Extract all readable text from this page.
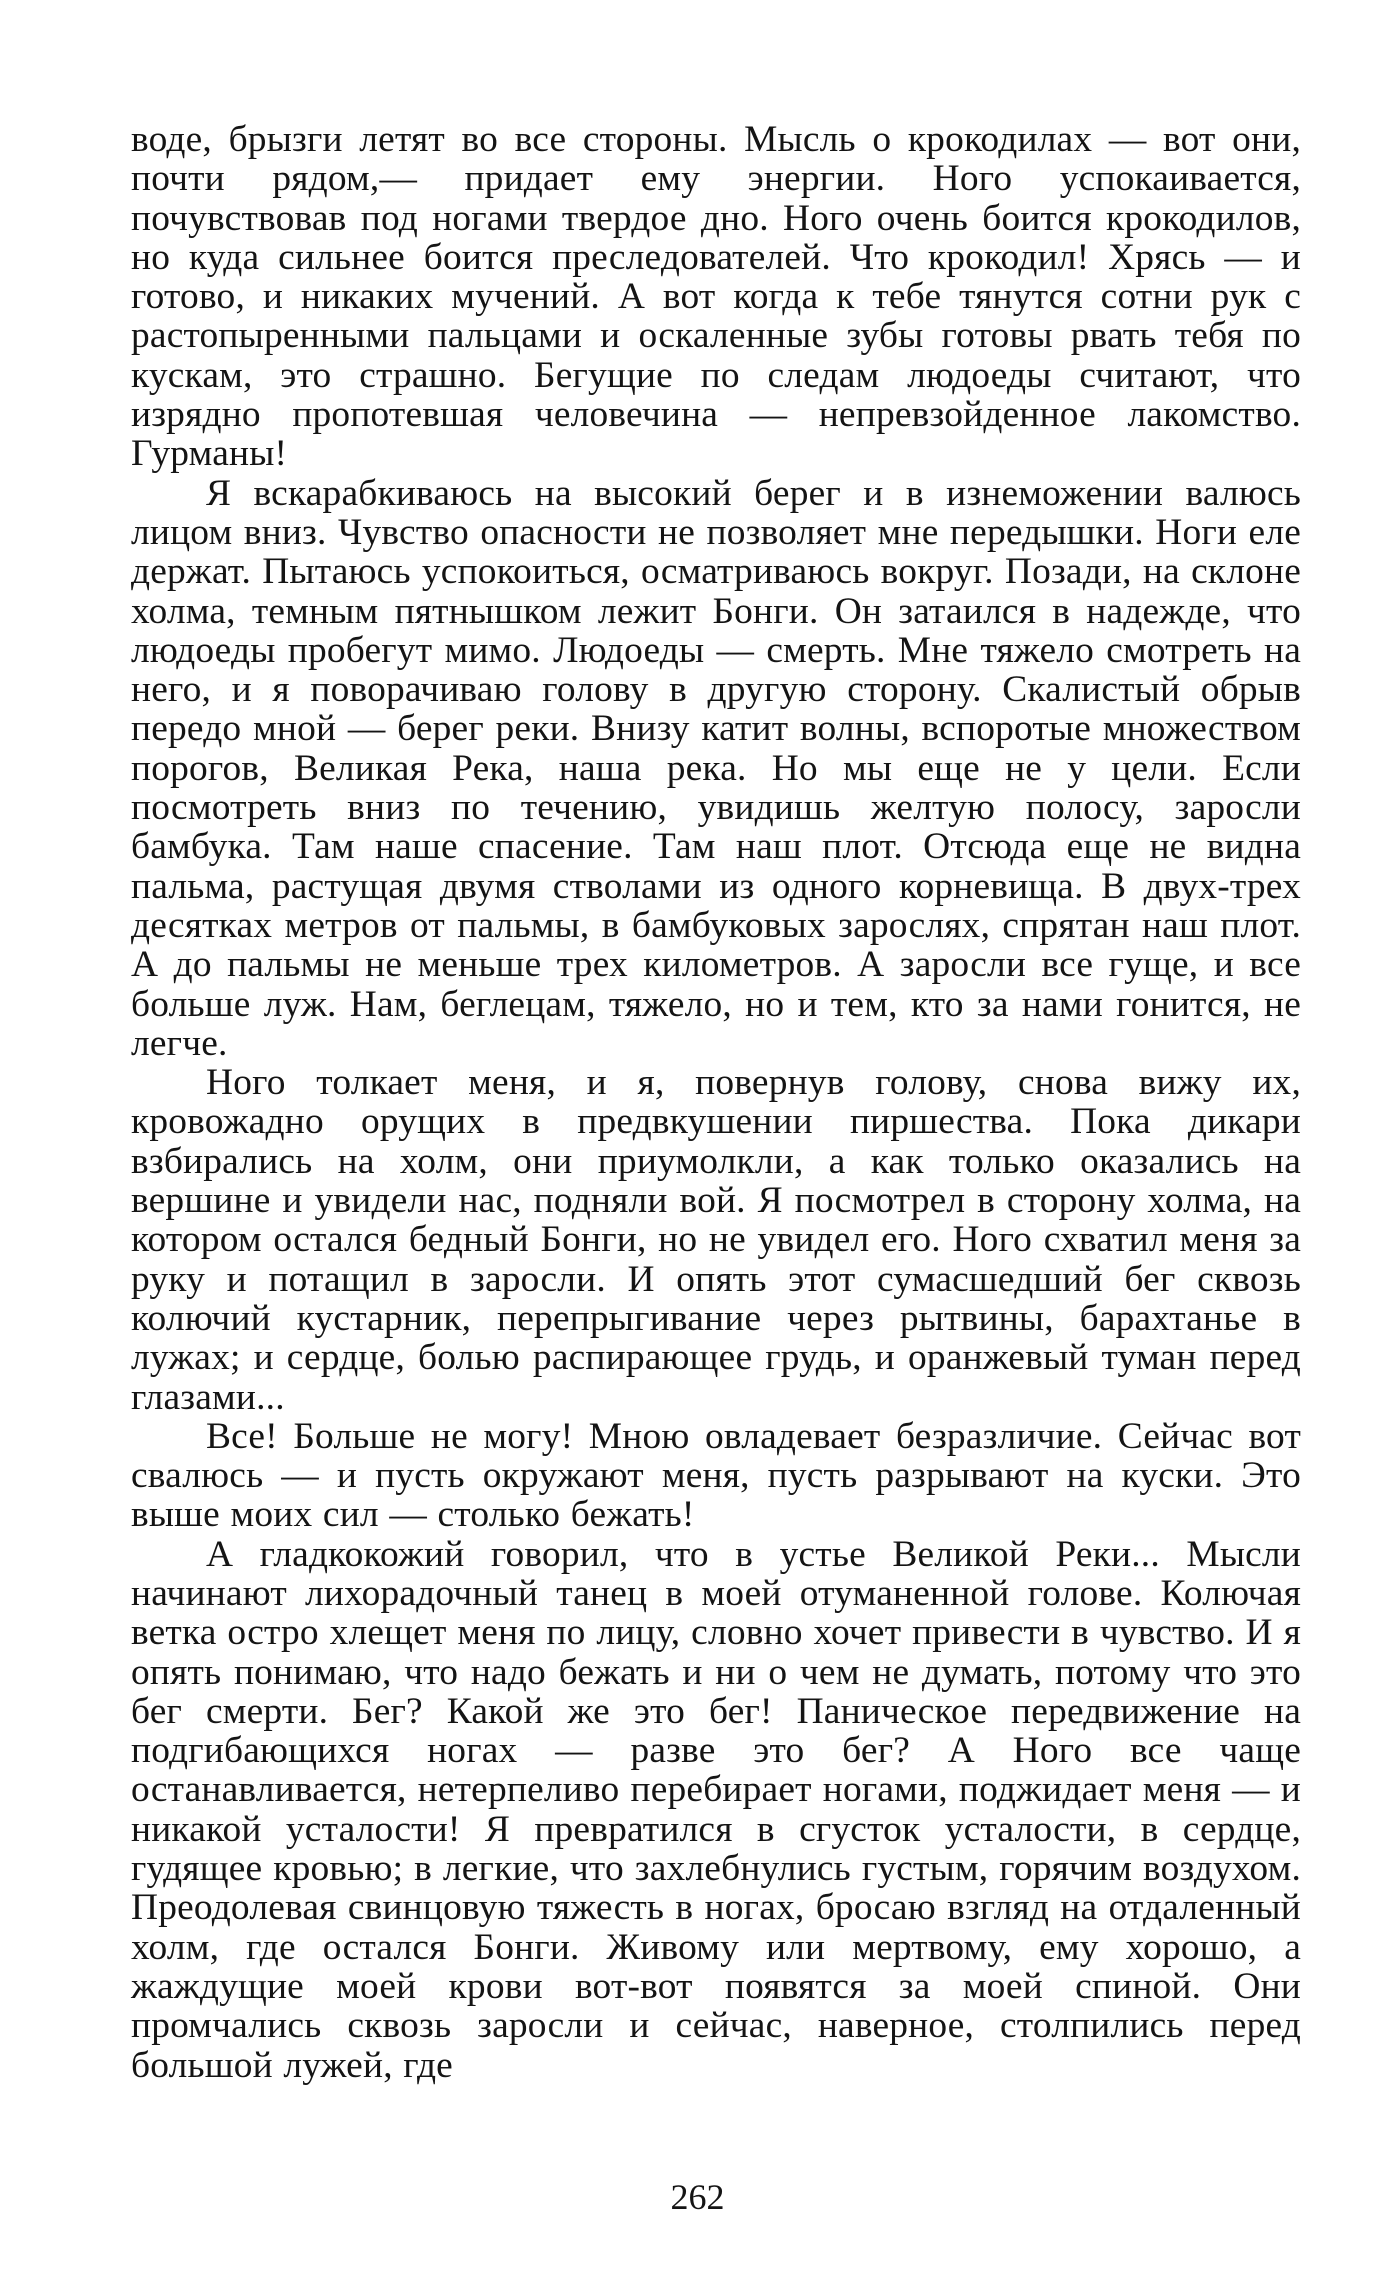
воде, брызги летят во все стороны. Мысль о крокодилах — вот они, почти рядом,— придает ему энергии. Ного успокаивается, почувствовав под ногами твердое дно. Ного очень боится крокодилов, но куда сильнее боится преследователей. Что крокодил! Хрясь — и готово, и никаких мучений. А вот когда к тебе тянутся сотни рук с растопыренными пальцами и оскаленные зубы готовы рвать тебя по кускам, это страшно. Бегущие по следам людоеды считают, что изрядно пропотевшая человечина — непревзойденное лакомство. Гурманы!

Я вскарабкиваюсь на высокий берег и в изнеможении валюсь лицом вниз. Чувство опасности не позволяет мне передышки. Ноги еле держат. Пытаюсь успокоиться, осматриваюсь вокруг. Позади, на склоне холма, темным пятнышком лежит Бонги. Он затаился в надежде, что людоеды пробегут мимо. Людоеды — смерть. Мне тяжело смотреть на него, и я поворачиваю голову в другую сторону. Скалистый обрыв передо мной — берег реки. Внизу катит волны, вспоротые множеством порогов, Великая Река, наша река. Но мы еще не у цели. Если посмотреть вниз по течению, увидишь желтую полосу, заросли бамбука. Там наше спасение. Там наш плот. Отсюда еще не видна пальма, растущая двумя стволами из одного корневища. В двух-трех десятках метров от пальмы, в бамбуковых зарослях, спрятан наш плот. А до пальмы не меньше трех километров. А заросли все гуще, и все больше луж. Нам, беглецам, тяжело, но и тем, кто за нами гонится, не легче.

Ного толкает меня, и я, повернув голову, снова вижу их, кровожадно орущих в предвкушении пиршества. Пока дикари взбирались на холм, они приумолкли, а как только оказались на вершине и увидели нас, подняли вой. Я посмотрел в сторону холма, на котором остался бедный Бонги, но не увидел его. Ного схватил меня за руку и потащил в заросли. И опять этот сумасшедший бег сквозь колючий кустарник, перепрыгивание через рытвины, барахтанье в лужах; и сердце, болью распирающее грудь, и оранжевый туман перед глазами...

Все! Больше не могу! Мною овладевает безразличие. Сейчас вот свалюсь — и пусть окружают меня, пусть разрывают на куски. Это выше моих сил — столько бежать!

А гладкокожий говорил, что в устье Великой Реки... Мысли начинают лихорадочный танец в моей отуманенной голове. Колючая ветка остро хлещет меня по лицу, словно хочет привести в чувство. И я опять понимаю, что надо бежать и ни о чем не думать, потому что это бег смерти. Бег? Какой же это бег! Паническое передвижение на подгибающихся ногах — разве это бег? А Ного все чаще останавливается, нетерпеливо перебирает ногами, поджидает меня — и никакой усталости! Я превратился в сгусток усталости, в сердце, гудящее кровью; в легкие, что захлебнулись густым, горячим воздухом. Преодолевая свинцовую тяжесть в ногах, бросаю взгляд на отдаленный холм, где остался Бонги. Живому или мертвому, ему хорошо, а жаждущие моей крови вот-вот появятся за моей спиной. Они промчались сквозь заросли и сейчас, наверное, столпились перед большой лужей, где

262
